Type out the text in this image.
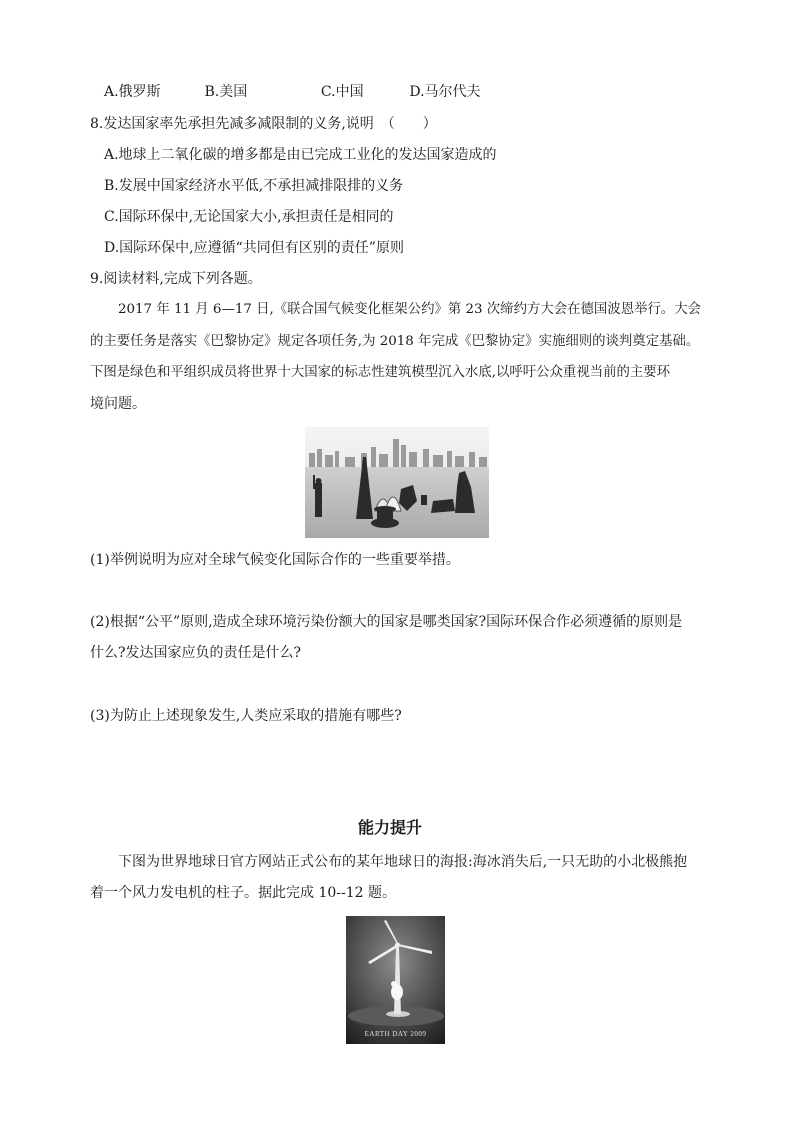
A.俄罗斯	B.美国	C.中国	D.马尔代夫
8.发达国家率先承担先减多减限制的义务,说明　（　　）
A.地球上二氧化碳的增多都是由已完成工业化的发达国家造成的
B.发展中国家经济水平低,不承担减排限排的义务
C.国际环保中,无论国家大小,承担责任是相同的
D.国际环保中,应遵循“共同但有区别的责任”原则
9.阅读材料,完成下列各题。
2017 年 11 月 6—17 日,《联合国气候变化框架公约》第 23 次缔约方大会在德国波恩举行。大会
的主要任务是落实《巴黎协定》规定各项任务,为 2018 年完成《巴黎协定》实施细则的谈判奠定基础。
下图是绿色和平组织成员将世界十大国家的标志性建筑模型沉入水底,以呼吁公众重视当前的主要环
境问题。
(1)举例说明为应对全球气候变化国际合作的一些重要举措。
(2)根据“公平”原则,造成全球环境污染份额大的国家是哪类国家?国际环保合作必须遵循的原则是
什么?发达国家应负的责任是什么?
(3)为防止上述现象发生,人类应采取的措施有哪些?
能力提升
下图为世界地球日官方网站正式公布的某年地球日的海报:海冰消失后,一只无助的小北极熊抱
着一个风力发电机的柱子。据此完成 10--12 题。
EARTH DAY 2009
